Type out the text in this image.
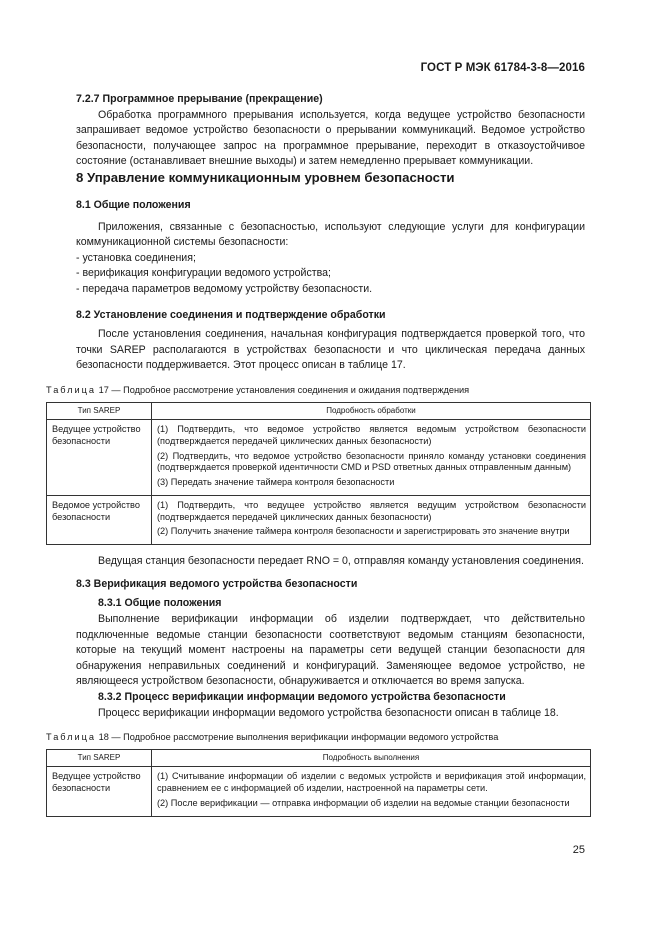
ГОСТ Р МЭК 61784-3-8—2016

7.2.7 Программное прерывание (прекращение)

Обработка программного прерывания используется, когда ведущее устройство безопасности запрашивает ведомое устройство безопасности о прерывании коммуникаций. Ведомое устройство безопасности, получающее запрос на программное прерывание, переходит в отказоустойчивое состояние (останавливает внешние выходы) и затем немедленно прерывает коммуникации.

8 Управление коммуникационным уровнем безопасности

8.1 Общие положения

Приложения, связанные с безопасностью, используют следующие услуги для конфигурации коммуникационной системы безопасности:

- установка соединения;

- верификация конфигурации ведомого устройства;

- передача параметров ведомому устройству безопасности.

8.2 Установление соединения и подтверждение обработки

После установления соединения, начальная конфигурация подтверждается проверкой того, что точки SAREP располагаются в устройствах безопасности и что циклическая передача данных безопасности поддерживается. Этот процесс описан в таблице 17.

Таблица 17 — Подробное рассмотрение установления соединения и ожидания подтверждения
Тип SAREP	Подробность обработки
Ведущее устройство безопасности	(1) Подтвердить, что ведомое устройство является ведомым устройством безопасности (подтверждается передачей циклических данных безопасности)

(2) Подтвердить, что ведомое устройство безопасности приняло команду установки соединения (подтверждается проверкой идентичности CMD и PSD ответных данных отправленным данным)

(3) Передать значение таймера контроля безопасности

Ведомое устройство безопасности	(1) Подтвердить, что ведущее устройство является ведущим устройством безопасности (подтверждается передачей циклических данных безопасности)

(2) Получить значение таймера контроля безопасности и зарегистрировать это значение внутри

Ведущая станция безопасности передает RNO = 0, отправляя команду установления соединения.

8.3 Верификация ведомого устройства безопасности

8.3.1 Общие положения

Выполнение верификации информации об изделии подтверждает, что действительно подключенные ведомые станции безопасности соответствуют ведомым станциям безопасности, которые на текущий момент настроены на параметры сети ведущей станции безопасности для обнаружения неправильных соединений и конфигураций. Заменяющее ведомое устройство, не являющееся устройством безопасности, обнаруживается и отключается во время запуска.

8.3.2 Процесс верификации информации ведомого устройства безопасности

Процесс верификации информации ведомого устройства безопасности описан в таблице 18.

Таблица 18 — Подробное рассмотрение выполнения верификации информации ведомого устройства
Тип SAREP	Подробность выполнения
Ведущее устройство безопасности	(1) Считывание информации об изделии с ведомых устройств и верификация этой информации, сравнением ее с информацией об изделии, настроенной на параметры сети.

(2) После верификации — отправка информации об изделии на ведомые станции безопасности

25
